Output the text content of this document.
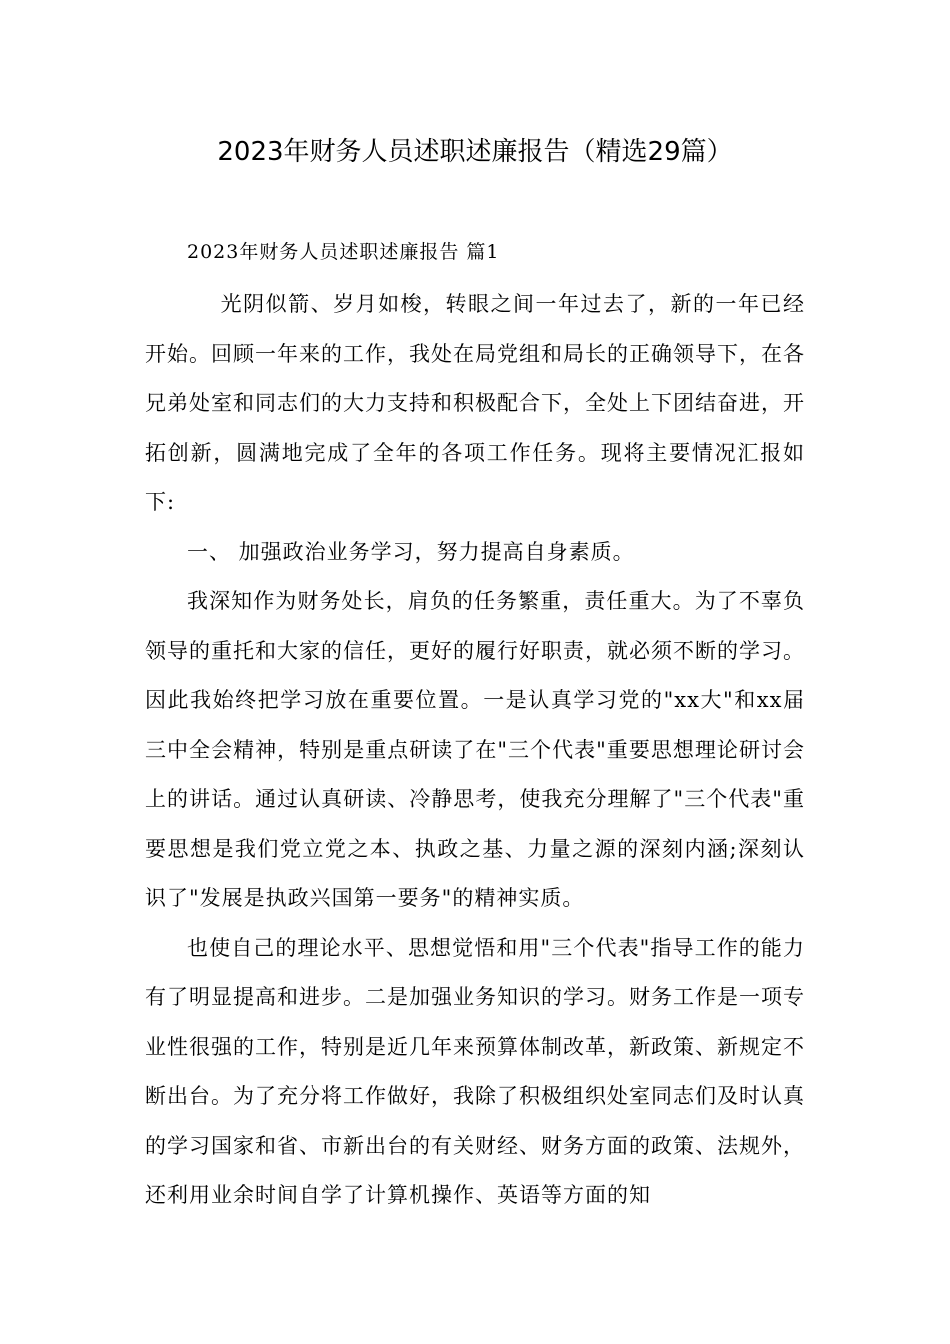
2023年财务人员述职述廉报告（精选29篇）

2023年财务人员述职述廉报告 篇1

光阴似箭、岁月如梭，转眼之间一年过去了，新的一年已经开始。回顾一年来的工作，我处在局党组和局长的正确领导下，在各兄弟处室和同志们的大力支持和积极配合下，全处上下团结奋进，开拓创新，圆满地完成了全年的各项工作任务。现将主要情况汇报如下:

一、 加强政治业务学习，努力提高自身素质。

我深知作为财务处长，肩负的任务繁重，责任重大。为了不辜负领导的重托和大家的信任，更好的履行好职责，就必须不断的学习。因此我始终把学习放在重要位置。一是认真学习党的"xx大"和xx届三中全会精神，特别是重点研读了在"三个代表"重要思想理论研讨会上的讲话。通过认真研读、冷静思考，使我充分理解了"三个代表"重要思想是我们党立党之本、执政之基、力量之源的深刻内涵;深刻认识了"发展是执政兴国第一要务"的精神实质。

也使自己的理论水平、思想觉悟和用"三个代表"指导工作的能力有了明显提高和进步。二是加强业务知识的学习。财务工作是一项专业性很强的工作，特别是近几年来预算体制改革，新政策、新规定不断出台。为了充分将工作做好，我除了积极组织处室同志们及时认真的学习国家和省、市新出台的有关财经、财务方面的政策、法规外，还利用业余时间自学了计算机操作、英语等方面的知
